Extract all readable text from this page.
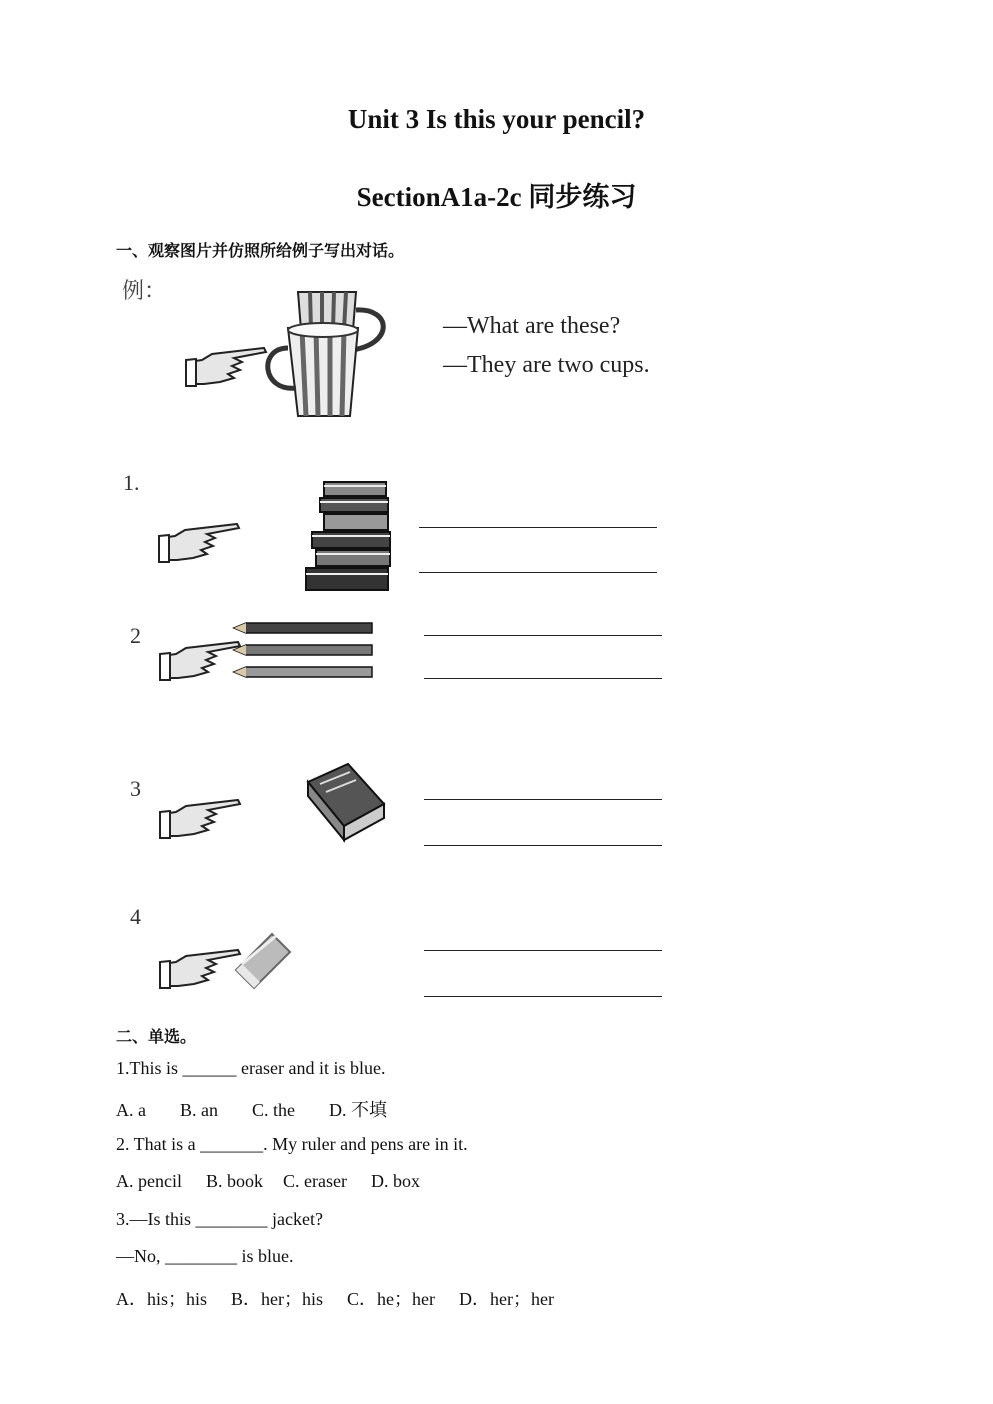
Unit 3 Is this your pencil?
SectionA1a-2c 同步练习
一、观察图片并仿照所给例子写出对话。
例：
—What are these?
—They are two cups.
1.
2
3
4
二、单选。
1.This is ______ eraser and it is blue.
A. a B. an C. the D. 不填
2. That is a _______. My ruler and pens are in it.
A. pencil B. book C. eraser D. box
3.—Is this ________ jacket?
—No, ________ is blue.
A．his；his B．her；his C．he；her D．her；her
